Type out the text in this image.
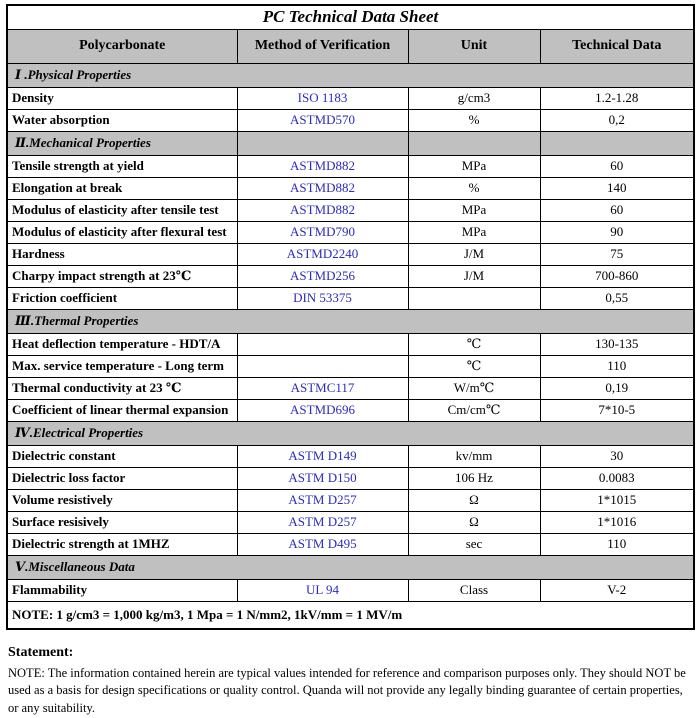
PC Technical Data Sheet			
Polycarbonate	Method of Verification	Unit	Technical Data
Ⅰ .Physical Properties			
Density	ISO 1183	g/cm3	1.2-1.28
Water absorption	ASTMD570	%	0,2
Ⅱ.Mechanical Properties			
Tensile strength at yield	ASTMD882	MPa	60
Elongation at break	ASTMD882	%	140
Modulus of elasticity after tensile test	ASTMD882	MPa	60
Modulus of elasticity after flexural test	ASTMD790	MPa	90
Hardness	ASTMD2240	J/M	75
Charpy impact strength at 23℃	ASTMD256	J/M	700-860
Friction coefficient	DIN 53375		0,55
Ⅲ.Thermal Properties			
Heat deflection temperature - HDT/A		℃	130-135
Max. service temperature - Long term		℃	110
Thermal conductivity at 23 ℃	ASTMC117	W/m℃	0,19
Coefficient of linear thermal expansion	ASTMD696	Cm/cm℃	7*10-5
Ⅳ.Electrical Properties			
Dielectric constant	ASTM D149	kv/mm	30
Dielectric loss factor	ASTM D150	106 Hz	0.0083
Volume resistively	ASTM D257	Ω	1*1015
Surface resisively	ASTM D257	Ω	1*1016
Dielectric strength at 1MHZ	ASTM D495	sec	110
Ⅴ.Miscellaneous Data			
Flammability	UL 94	Class	V-2
NOTE: 1 g/cm3 = 1,000 kg/m3, 1 Mpa = 1 N/mm2, 1kV/mm = 1 MV/m			
Statement:
NOTE: The information contained herein are typical values intended for reference and comparison purposes only. They should NOT be used as a basis for design specifications or quality control. Quanda will not provide any legally binding guarantee of certain properties, or any suitability.
